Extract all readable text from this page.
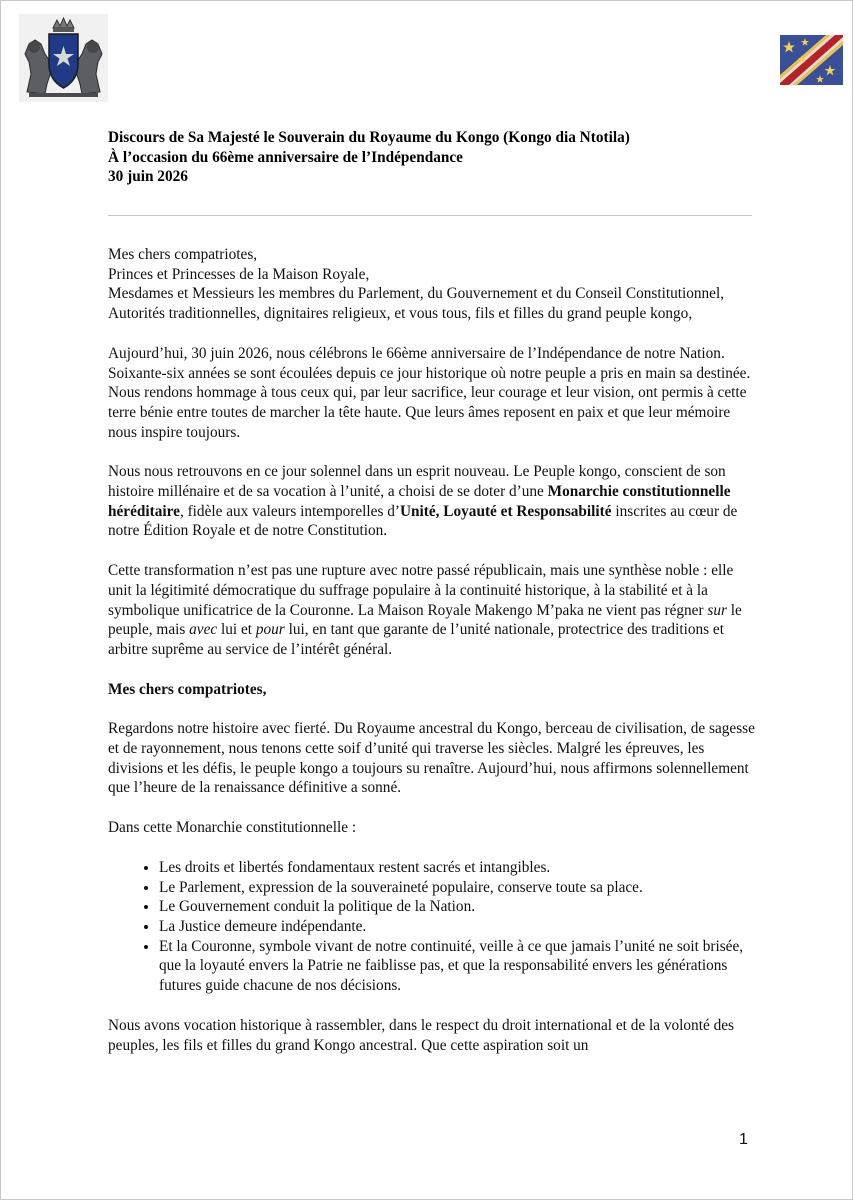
Discours de Sa Majesté le Souverain du Royaume du Kongo (Kongo dia Ntotila)
À l’occasion du 66ème anniversaire de l’Indépendance
30 juin 2026

Mes chers compatriotes,
Princes et Princesses de la Maison Royale,
Mesdames et Messieurs les membres du Parlement, du Gouvernement et du Conseil Constitutionnel,
Autorités traditionnelles, dignitaires religieux, et vous tous, fils et filles du grand peuple kongo,

Aujourd’hui, 30 juin 2026, nous célébrons le 66ème anniversaire de l’Indépendance de notre Nation. Soixante-six années se sont écoulées depuis ce jour historique où notre peuple a pris en main sa destinée. Nous rendons hommage à tous ceux qui, par leur sacrifice, leur courage et leur vision, ont permis à cette terre bénie entre toutes de marcher la tête haute. Que leurs âmes reposent en paix et que leur mémoire nous inspire toujours.

Nous nous retrouvons en ce jour solennel dans un esprit nouveau. Le Peuple kongo, conscient de son histoire millénaire et de sa vocation à l’unité, a choisi de se doter d’une Monarchie constitutionnelle héréditaire, fidèle aux valeurs intemporelles d’Unité, Loyauté et Responsabilité inscrites au cœur de notre Édition Royale et de notre Constitution.

Cette transformation n’est pas une rupture avec notre passé républicain, mais une synthèse noble : elle unit la légitimité démocratique du suffrage populaire à la continuité historique, à la stabilité et à la symbolique unificatrice de la Couronne. La Maison Royale Makengo M’paka ne vient pas régner sur le peuple, mais avec lui et pour lui, en tant que garante de l’unité nationale, protectrice des traditions et arbitre suprême au service de l’intérêt général.

Mes chers compatriotes,

Regardons notre histoire avec fierté. Du Royaume ancestral du Kongo, berceau de civilisation, de sagesse et de rayonnement, nous tenons cette soif d’unité qui traverse les siècles. Malgré les épreuves, les divisions et les défis, le peuple kongo a toujours su renaître. Aujourd’hui, nous affirmons solennellement que l’heure de la renaissance définitive a sonné.

Dans cette Monarchie constitutionnelle :

• Les droits et libertés fondamentaux restent sacrés et intangibles.
• Le Parlement, expression de la souveraineté populaire, conserve toute sa place.
• Le Gouvernement conduit la politique de la Nation.
• La Justice demeure indépendante.
• Et la Couronne, symbole vivant de notre continuité, veille à ce que jamais l’unité ne soit brisée, que la loyauté envers la Patrie ne faiblisse pas, et que la responsabilité envers les générations futures guide chacune de nos décisions.

Nous avons vocation historique à rassembler, dans le respect du droit international et de la volonté des peuples, les fils et filles du grand Kongo ancestral. Que cette aspiration soit un

1
